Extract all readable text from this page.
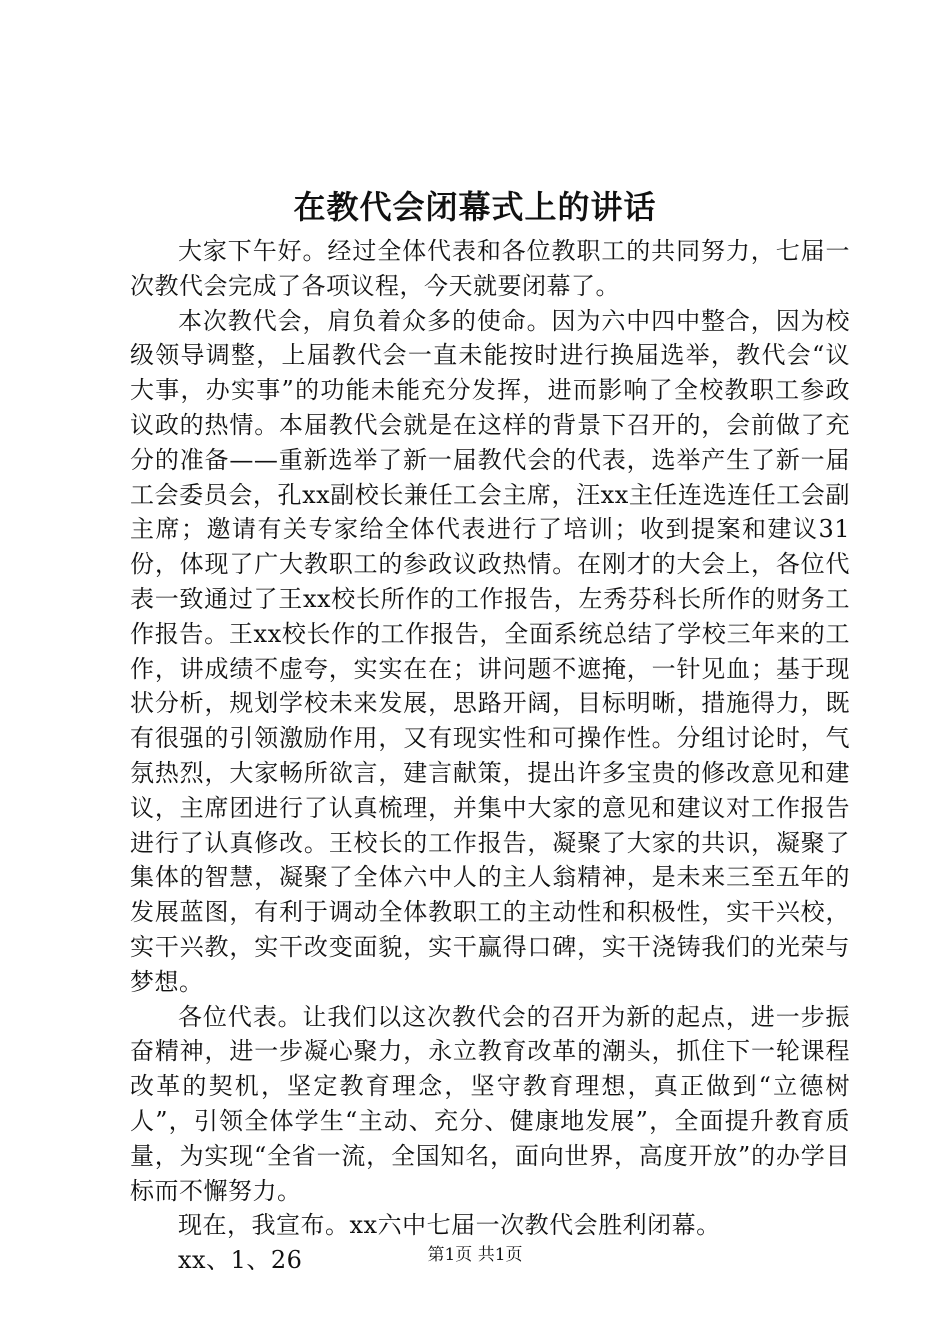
在教代会闭幕式上的讲话

大家下午好。经过全体代表和各位教职工的共同努力，七届一次教代会完成了各项议程，今天就要闭幕了。

本次教代会，肩负着众多的使命。因为六中四中整合，因为校级领导调整，上届教代会一直未能按时进行换届选举，教代会“议大事，办实事”的功能未能充分发挥，进而影响了全校教职工参政议政的热情。本届教代会就是在这样的背景下召开的，会前做了充分的准备——重新选举了新一届教代会的代表，选举产生了新一届工会委员会，孔xx副校长兼任工会主席，汪xx主任连选连任工会副主席；邀请有关专家给全体代表进行了培训；收到提案和建议31份，体现了广大教职工的参政议政热情。在刚才的大会上，各位代表一致通过了王xx校长所作的工作报告，左秀芬科长所作的财务工作报告。王xx校长作的工作报告，全面系统总结了学校三年来的工作，讲成绩不虚夸，实实在在；讲问题不遮掩，一针见血；基于现状分析，规划学校未来发展，思路开阔，目标明晰，措施得力，既有很强的引领激励作用，又有现实性和可操作性。分组讨论时，气氛热烈，大家畅所欲言，建言献策，提出许多宝贵的修改意见和建议，主席团进行了认真梳理，并集中大家的意见和建议对工作报告进行了认真修改。王校长的工作报告，凝聚了大家的共识，凝聚了集体的智慧，凝聚了全体六中人的主人翁精神，是未来三至五年的发展蓝图，有利于调动全体教职工的主动性和积极性，实干兴校，实干兴教，实干改变面貌，实干赢得口碑，实干浇铸我们的光荣与梦想。

各位代表。让我们以这次教代会的召开为新的起点，进一步振奋精神，进一步凝心聚力，永立教育改革的潮头，抓住下一轮课程改革的契机，坚定教育理念，坚守教育理想，真正做到“立德树人”，引领全体学生“主动、充分、健康地发展”，全面提升教育质量，为实现“全省一流，全国知名，面向世界，高度开放”的办学目标而不懈努力。

现在，我宣布。xx六中七届一次教代会胜利闭幕。

xx、1、26	第1页 共1页
